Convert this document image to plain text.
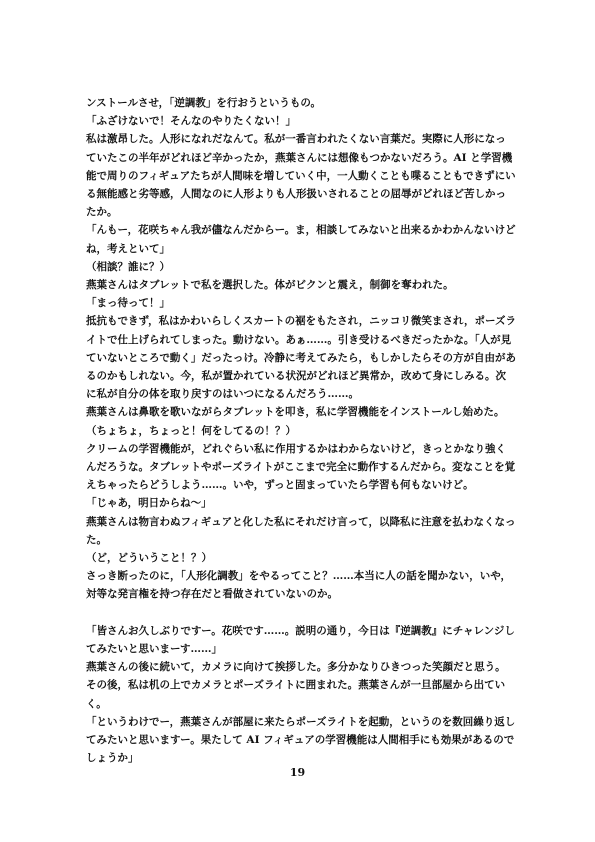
ンストールさせ，「逆調教」を行おうというもの。

「ふざけないで！そんなのやりたくない！」

私は激昂した。人形になれだなんて。私が一番言われたくない言葉だ。実際に人形になっていたこの半年がどれほど辛かったか，燕葉さんには想像もつかないだろう。AI と学習機能で周りのフィギュアたちが人間味を増していく中，一人動くことも喋ることもできずにいる無能感と劣等感，人間なのに人形よりも人形扱いされることの屈辱がどれほど苦しかったか。

「んもー，花咲ちゃん我が儘なんだからー。ま，相談してみないと出来るかわかんないけどね，考えといて」

（相談？誰に？）

燕葉さんはタブレットで私を選択した。体がビクンと震え，制御を奪われた。

「まっ待って！」

抵抗もできず，私はかわいらしくスカートの裾をもたされ，ニッコリ微笑まされ，ポーズライトで仕上げられてしまった。動けない。あぁ……。引き受けるべきだったかな。「人が見ていないところで動く」だったっけ。冷静に考えてみたら，もしかしたらその方が自由があるのかもしれない。今，私が置かれている状況がどれほど異常か，改めて身にしみる。次に私が自分の体を取り戻すのはいつになるんだろう……。

燕葉さんは鼻歌を歌いながらタブレットを叩き，私に学習機能をインストールし始めた。

（ちょちょ，ちょっと！何をしてるの！？）

クリームの学習機能が，どれぐらい私に作用するかはわからないけど，きっとかなり強くんだろうな。タブレットやポーズライトがここまで完全に動作するんだから。変なことを覚えちゃったらどうしよう……。いや，ずっと固まっていたら学習も何もないけど。

「じゃあ，明日からね～」

燕葉さんは物言わぬフィギュアと化した私にそれだけ言って，以降私に注意を払わなくなった。

（ど，どういうこと！？）

さっき断ったのに，「人形化調教」をやるってこと？……本当に人の話を聞かない，いや，対等な発言権を持つ存在だと看做されていないのか。

「皆さんお久しぶりですー。花咲です……。説明の通り，今日は『逆調教』にチャレンジしてみたいと思いまーす……」

燕葉さんの後に続いて，カメラに向けて挨拶した。多分かなりひきつった笑顔だと思う。その後，私は机の上でカメラとポーズライトに囲まれた。燕葉さんが一旦部屋から出ていく。

「というわけでー，燕葉さんが部屋に来たらポーズライトを起動，というのを数回繰り返してみたいと思いますー。果たして AI フィギュアの学習機能は人間相手にも効果があるのでしょうか」

19
